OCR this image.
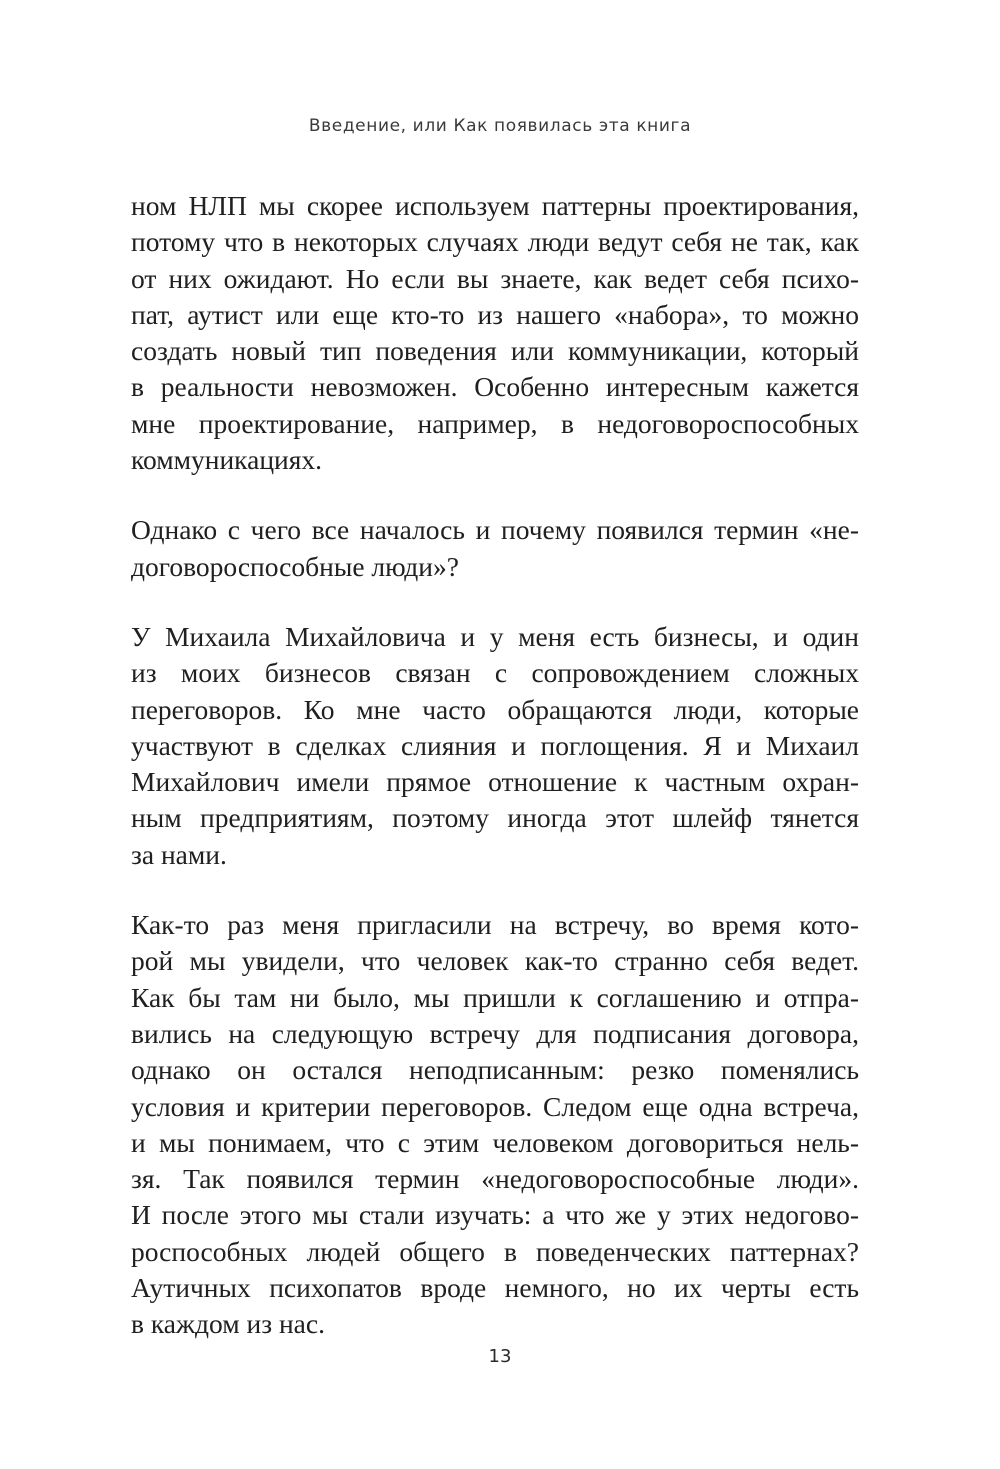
Введение, или Как появилась эта книга

ном НЛП мы скорее используем паттерны проектирования,
потому что в некоторых случаях люди ведут себя не так, как
от них ожидают. Но если вы знаете, как ведет себя психо-
пат, аутист или еще кто-то из нашего «набора», то можно
создать новый тип поведения или коммуникации, который
в реальности невозможен. Особенно интересным кажется
мне проектирование, например, в недоговороспособных
коммуникациях.

Однако с чего все началось и почему появился термин «не-
договороспособные люди»?

У Михаила Михайловича и у меня есть бизнесы, и один
из моих бизнесов связан с сопровождением сложных
переговоров. Ко мне часто обращаются люди, которые
участвуют в сделках слияния и поглощения. Я и Михаил
Михайлович имели прямое отношение к частным охран-
ным предприятиям, поэтому иногда этот шлейф тянется
за нами.

Как-то раз меня пригласили на встречу, во время кото-
рой мы увидели, что человек как-то странно себя ведет.
Как бы там ни было, мы пришли к соглашению и отпра-
вились на следующую встречу для подписания договора,
однако он остался неподписанным: резко поменялись
условия и критерии переговоров. Следом еще одна встреча,
и мы понимаем, что с этим человеком договориться нель-
зя. Так появился термин «недоговороспособные люди».
И после этого мы стали изучать: а что же у этих недогово-
роспособных людей общего в поведенческих паттернах?
Аутичных психопатов вроде немного, но их черты есть
в каждом из нас.

13
